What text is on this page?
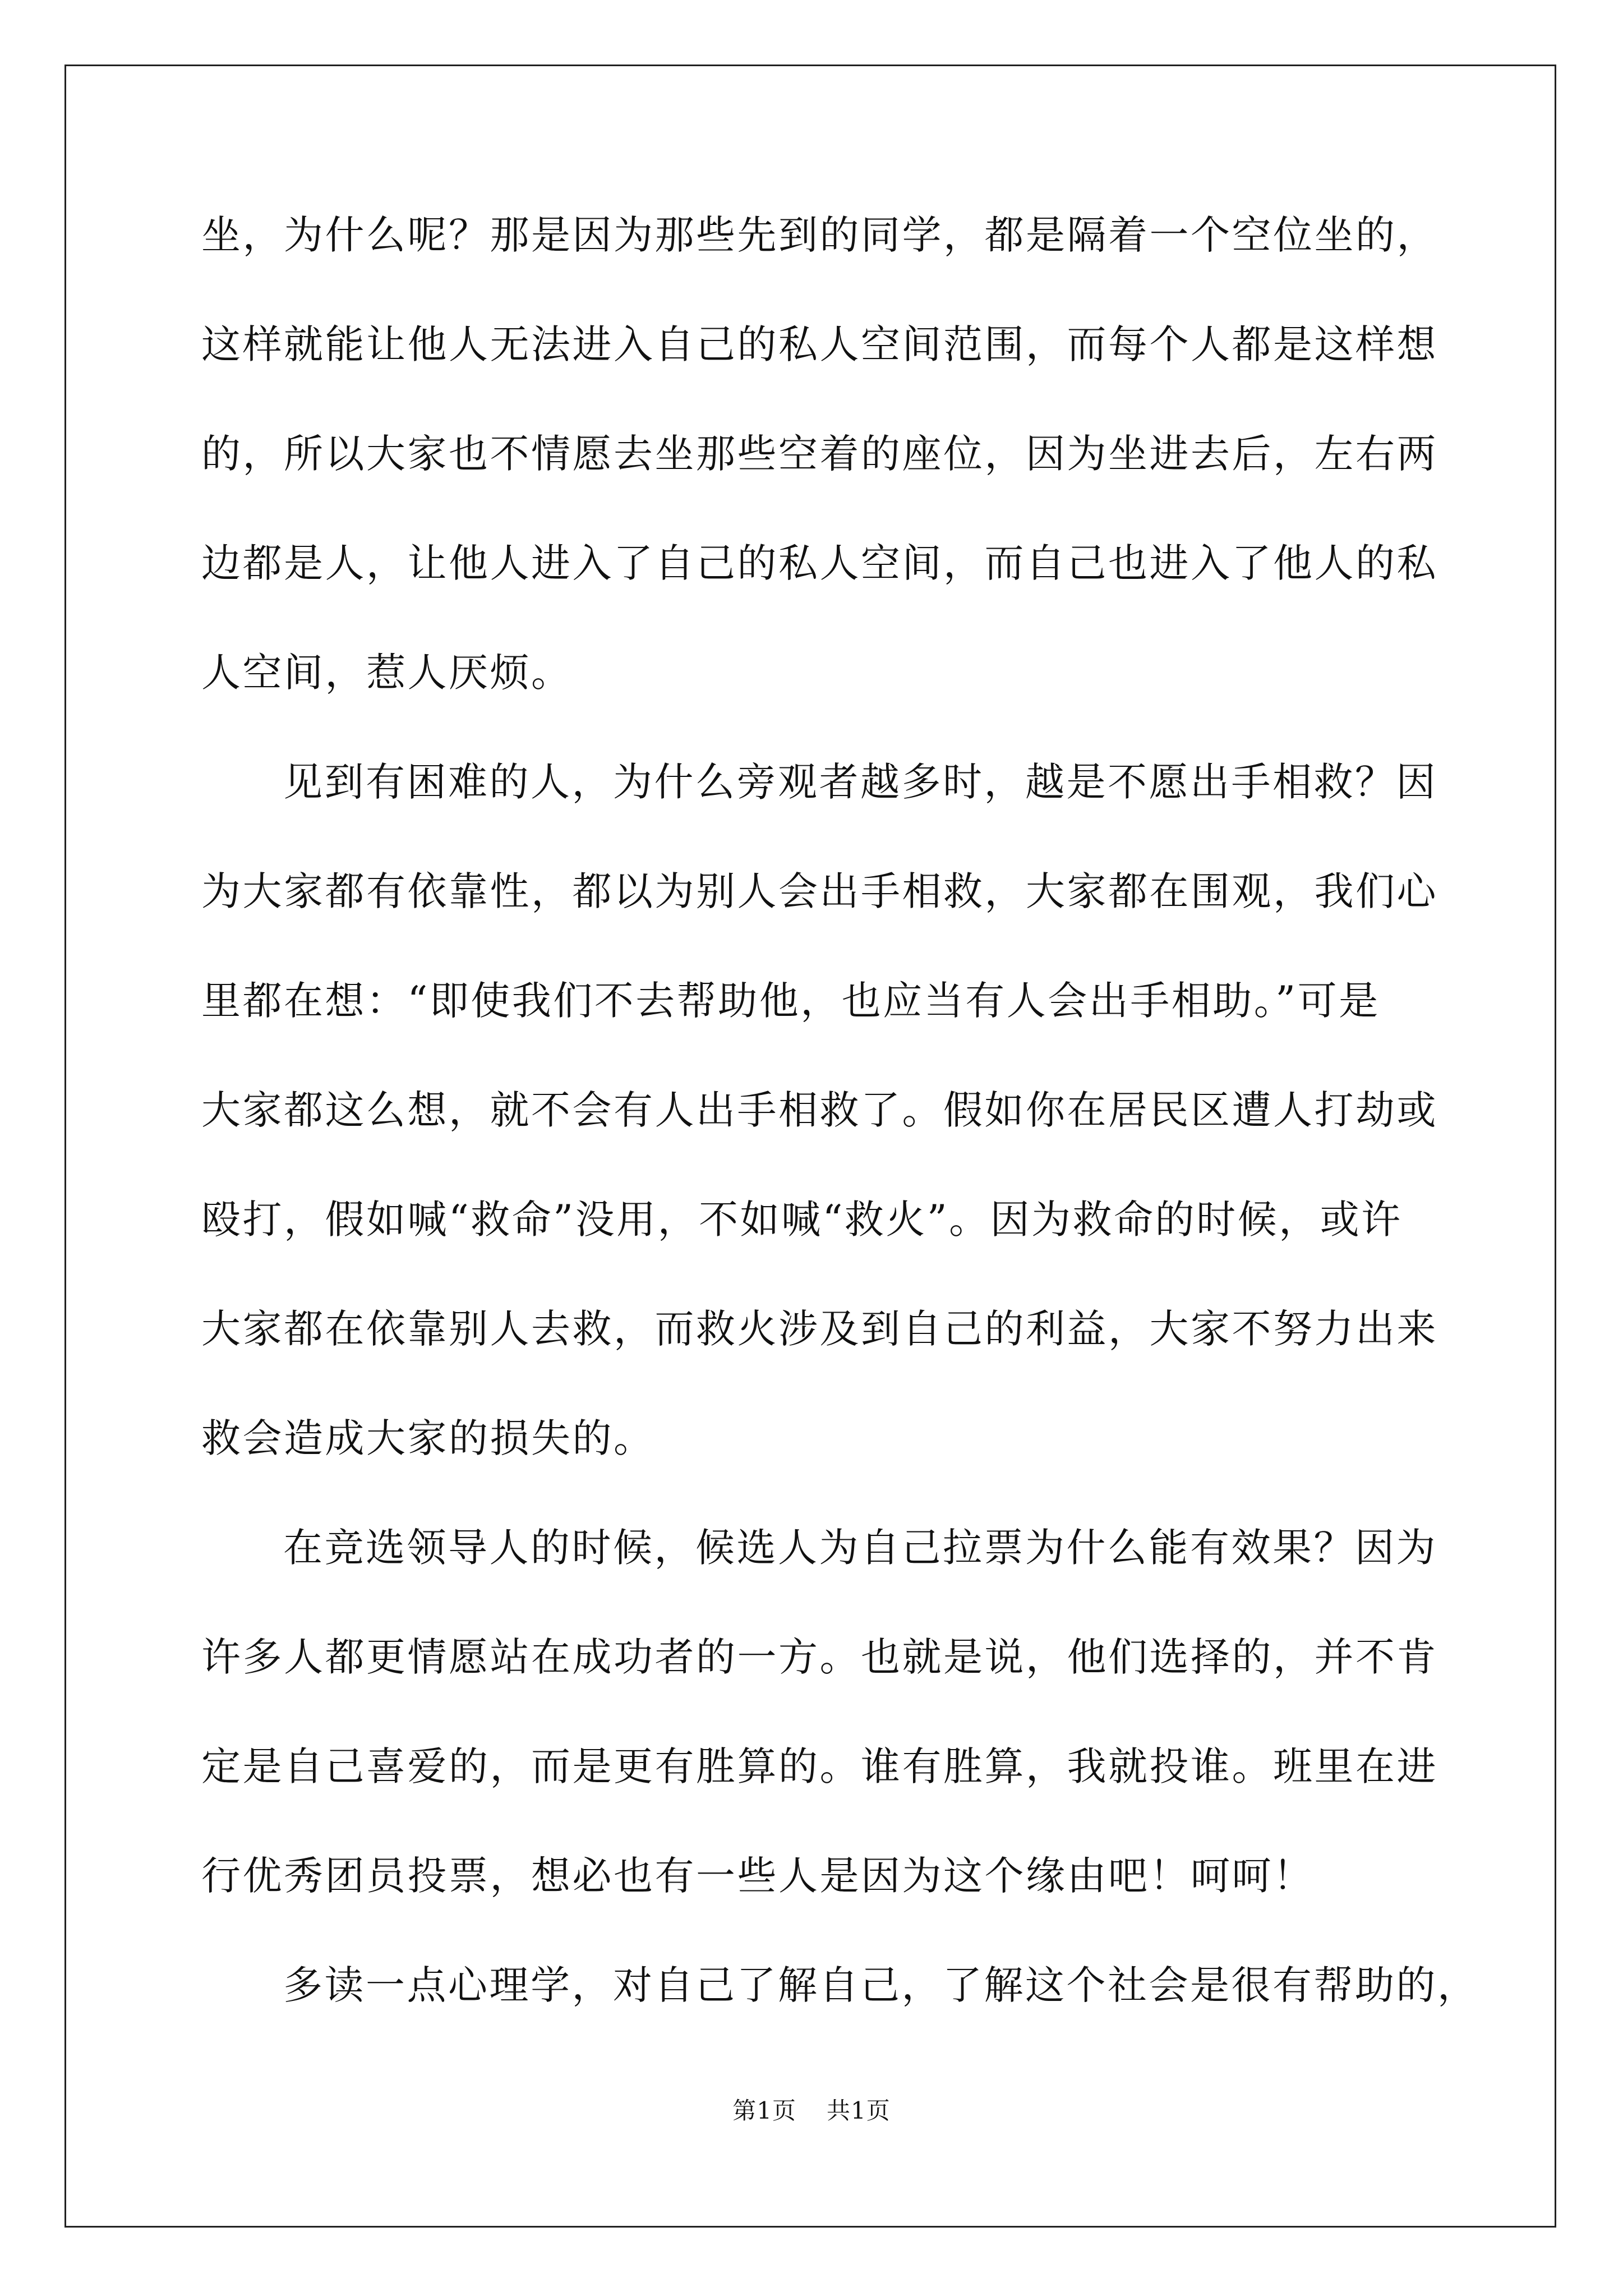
坐，为什么呢？那是因为那些先到的同学，都是隔着一个空位坐的，
这样就能让他人无法进入自己的私人空间范围，而每个人都是这样想
的，所以大家也不情愿去坐那些空着的座位，因为坐进去后，左右两
边都是人，让他人进入了自己的私人空间，而自己也进入了他人的私
人空间，惹人厌烦。
见到有困难的人，为什么旁观者越多时，越是不愿出手相救？因
为大家都有依靠性，都以为别人会出手相救，大家都在围观，我们心
里都在想：“即使我们不去帮助他，也应当有人会出手相助。”可是
大家都这么想，就不会有人出手相救了。假如你在居民区遭人打劫或
殴打，假如喊“救命”没用，不如喊“救火”。因为救命的时候，或许
大家都在依靠别人去救，而救火涉及到自己的利益，大家不努力出来
救会造成大家的损失的。
在竞选领导人的时候，候选人为自己拉票为什么能有效果？因为
许多人都更情愿站在成功者的一方。也就是说，他们选择的，并不肯
定是自己喜爱的，而是更有胜算的。谁有胜算，我就投谁。班里在进
行优秀团员投票，想必也有一些人是因为这个缘由吧！呵呵！
多读一点心理学，对自己了解自己，了解这个社会是很有帮助的，
第1页 共1页
